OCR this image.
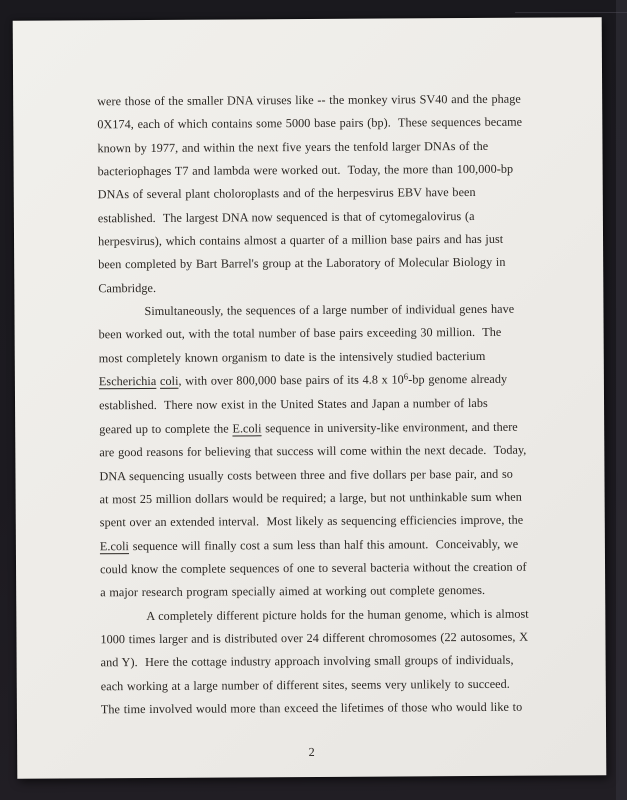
were those of the smaller DNA viruses like -- the monkey virus SV40 and the phage
0X174, each of which contains some 5000 base pairs (bp).  These sequences became
known by 1977, and within the next five years the tenfold larger DNAs of the
bacteriophages T7 and lambda were worked out.  Today, the more than 100,000-bp
DNAs of several plant choloroplasts and of the herpesvirus EBV have been
established.  The largest DNA now sequenced is that of cytomegalovirus (a
herpesvirus), which contains almost a quarter of a million base pairs and has just
been completed by Bart Barrel's group at the Laboratory of Molecular Biology in
Cambridge.
Simultaneously, the sequences of a large number of individual genes have
been worked out, with the total number of base pairs exceeding 30 million.  The
most completely known organism to date is the intensively studied bacterium
Escherichia coli, with over 800,000 base pairs of its 4.8 x $10^6-bp$ genome already
established.  There now exist in the United States and Japan a number of labs
geared up to complete the E.coli sequence in university-like environment, and there
are good reasons for believing that success will come within the next decade.  Today,
DNA sequencing usually costs between three and five dollars per base pair, and so
at most 25 million dollars would be required; a large, but not unthinkable sum when
spent over an extended interval.  Most likely as sequencing efficiencies improve, the
E.coli sequence will finally cost a sum less than half this amount.  Conceivably, we
could know the complete sequences of one to several bacteria without the creation of
a major research program specially aimed at working out complete genomes.
A completely different picture holds for the human genome, which is almost
1000 times larger and is distributed over 24 different chromosomes (22 autosomes, X
and Y).  Here the cottage industry approach involving small groups of individuals,
each working at a large number of different sites, seems very unlikely to succeed.
The time involved would more than exceed the lifetimes of those who would like to
2
